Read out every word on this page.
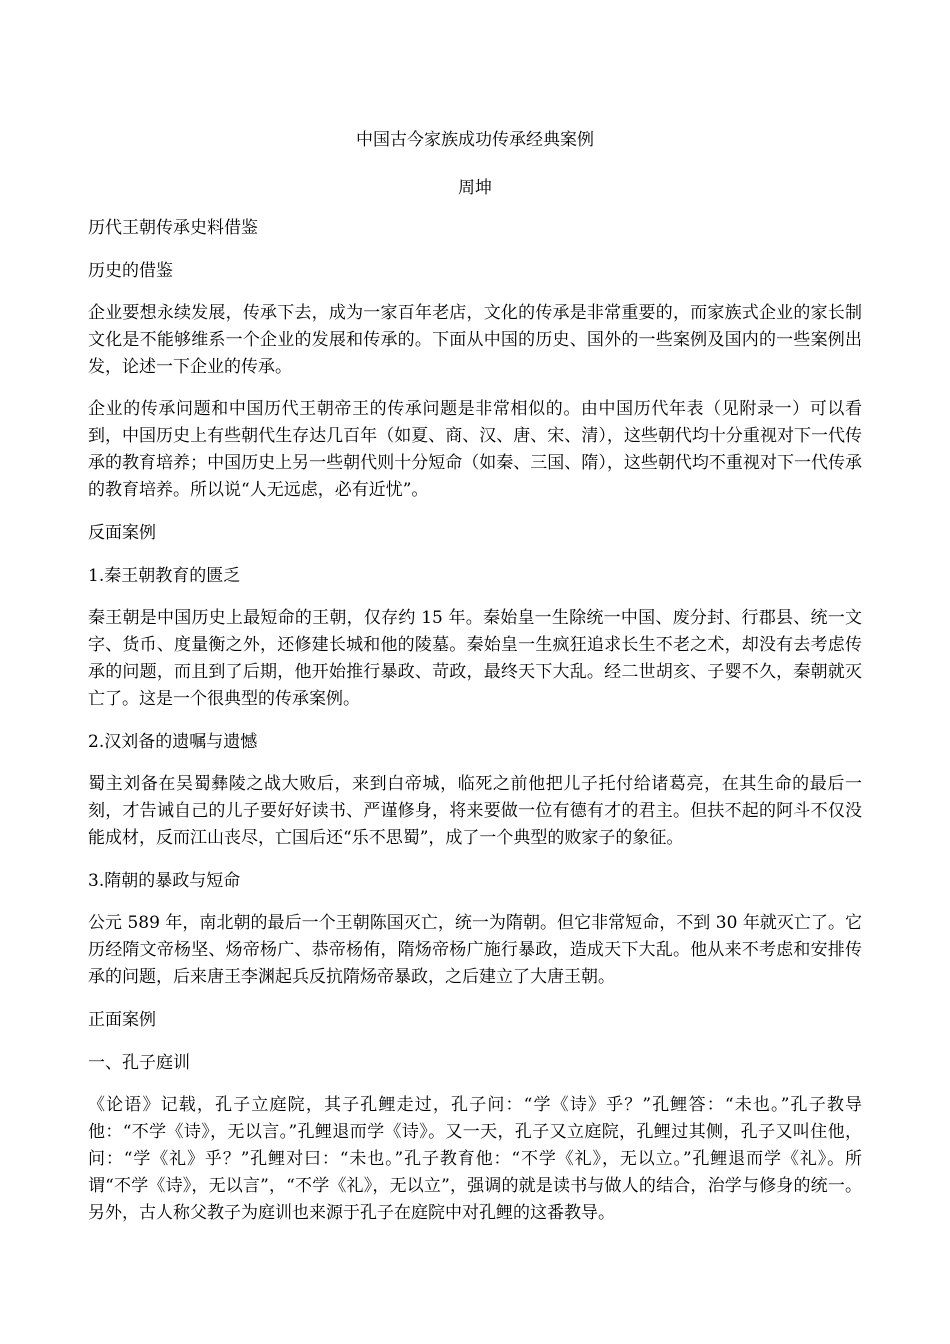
中国古今家族成功传承经典案例
周坤
历代王朝传承史料借鉴
历史的借鉴
企业要想永续发展，传承下去，成为一家百年老店，文化的传承是非常重要的，而家族式企业的家长制文化是不能够维系一个企业的发展和传承的。下面从中国的历史、国外的一些案例及国内的一些案例出发，论述一下企业的传承。
企业的传承问题和中国历代王朝帝王的传承问题是非常相似的。由中国历代年表（见附录一）可以看到，中国历史上有些朝代生存达几百年（如夏、商、汉、唐、宋、清），这些朝代均十分重视对下一代传承的教育培养；中国历史上另一些朝代则十分短命（如秦、三国、隋），这些朝代均不重视对下一代传承的教育培养。所以说“人无远虑，必有近忧”。
反面案例
1.秦王朝教育的匮乏
秦王朝是中国历史上最短命的王朝，仅存约 15 年。秦始皇一生除统一中国、废分封、行郡县、统一文字、货币、度量衡之外，还修建长城和他的陵墓。秦始皇一生疯狂追求长生不老之术，却没有去考虑传承的问题，而且到了后期，他开始推行暴政、苛政，最终天下大乱。经二世胡亥、子婴不久，秦朝就灭亡了。这是一个很典型的传承案例。
2.汉刘备的遗嘱与遗憾
蜀主刘备在吴蜀彝陵之战大败后，来到白帝城，临死之前他把儿子托付给诸葛亮，在其生命的最后一刻，才告诫自己的儿子要好好读书、严谨修身，将来要做一位有德有才的君主。但扶不起的阿斗不仅没能成材，反而江山丧尽，亡国后还“乐不思蜀”，成了一个典型的败家子的象征。
3.隋朝的暴政与短命
公元 589 年，南北朝的最后一个王朝陈国灭亡，统一为隋朝。但它非常短命，不到 30 年就灭亡了。它历经隋文帝杨坚、炀帝杨广、恭帝杨侑，隋炀帝杨广施行暴政，造成天下大乱。他从来不考虑和安排传承的问题，后来唐王李渊起兵反抗隋炀帝暴政，之后建立了大唐王朝。
正面案例
一、孔子庭训
《论语》记载，孔子立庭院，其子孔鲤走过，孔子问：“学《诗》乎？”孔鲤答：“未也。”孔子教导他：“不学《诗》，无以言。”孔鲤退而学《诗》。又一天，孔子又立庭院，孔鲤过其侧，孔子又叫住他，问：“学《礼》乎？”孔鲤对曰：“未也。”孔子教育他：“不学《礼》，无以立。”孔鲤退而学《礼》。所谓“不学《诗》，无以言”，“不学《礼》，无以立”，强调的就是读书与做人的结合，治学与修身的统一。另外，古人称父教子为庭训也来源于孔子在庭院中对孔鲤的这番教导。
